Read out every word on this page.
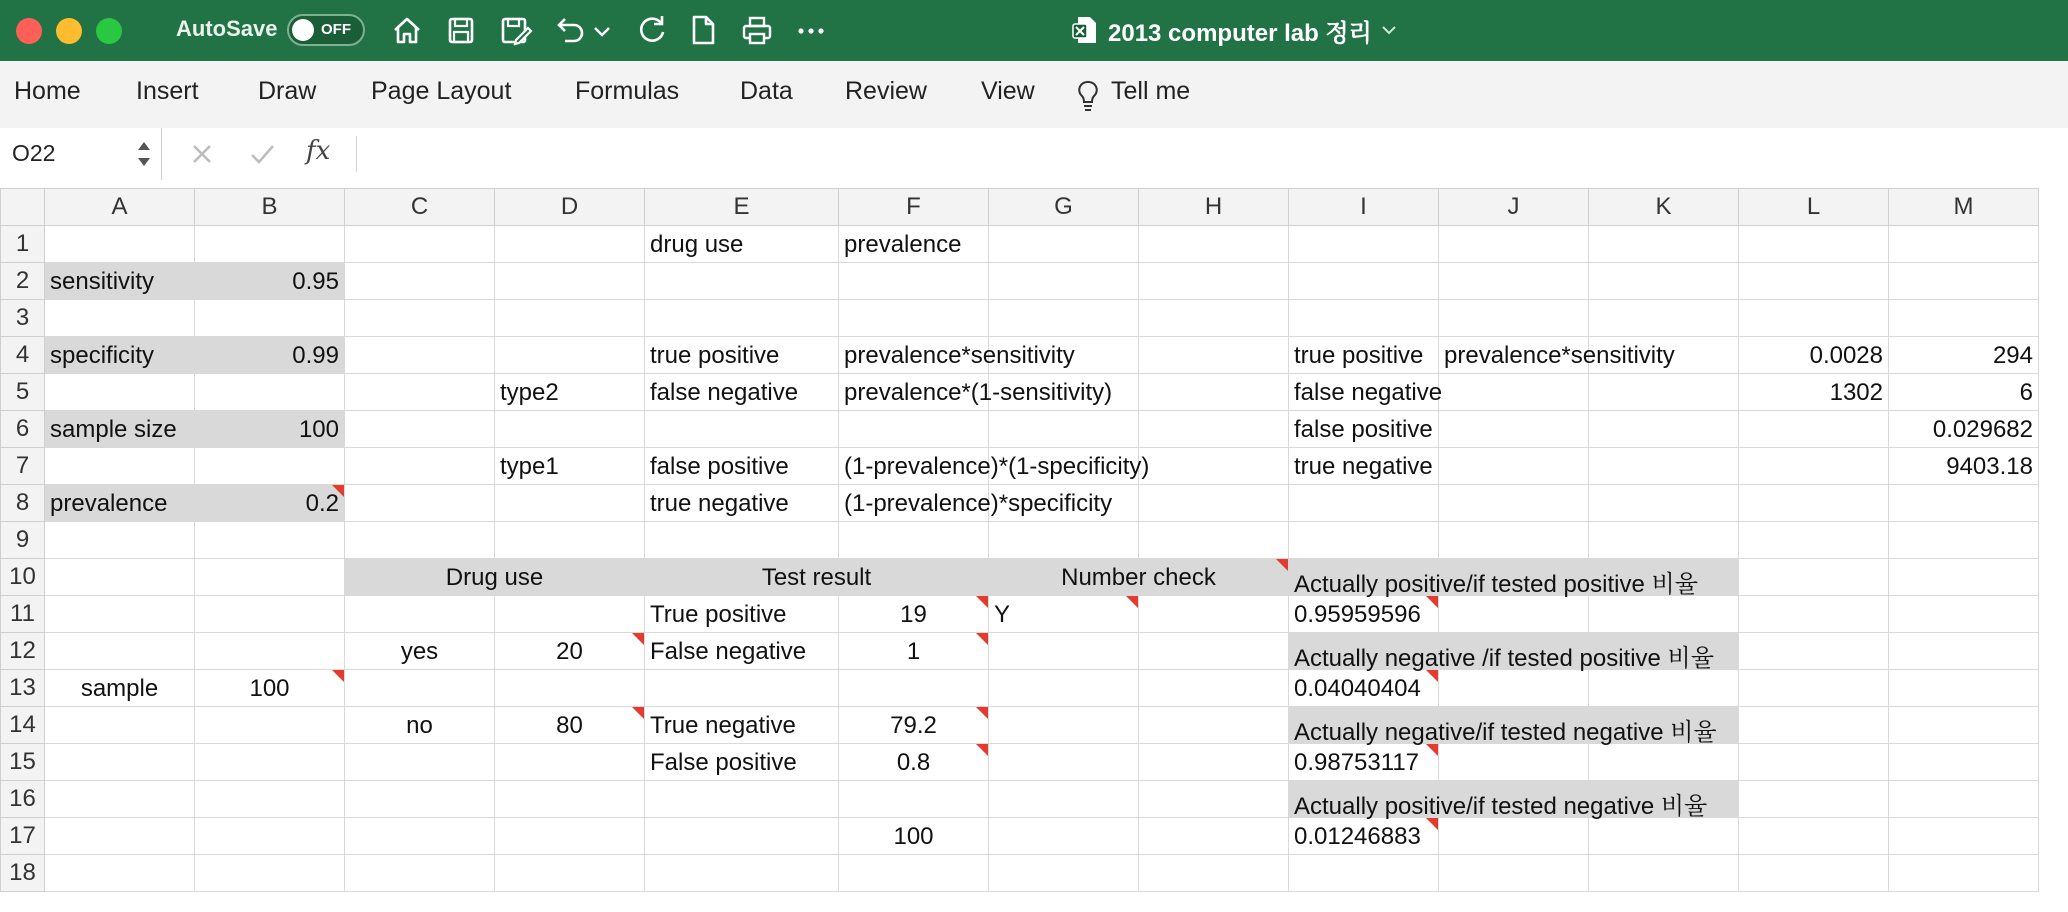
AutoSave	OFF	2013 computer lab 정리
Home Insert Draw Page Layout	Formulas Data Review View	Tell me
O22	fx
	A	B	C	D	E	F	G	H	I	J	K	L	M
1					drug use	prevalence							

2	sensitivity	0.95											

3													
4	specificity	0.99			true positive	prevalence*sensitivity			true positive	prevalence*sensitivity		0.0028	294

5				type2	false negative	prevalence*(1-sensitivity)			false negative			1302	6

6	sample size	100							false positive				0.029682

7				type1	false positive	(1-prevalence)*(1-specificity)			true negative				9403.18

8	prevalence	0.2			true negative	(1-prevalence)*specificity							

9													
10			Drug use		Test result		Number check		Actually positive/if tested positive 비율				

11					True positive	19	Y		0.95959596				

12			yes	20	False negative	1			Actually negative /if tested positive 비율				

13	sample	100							0.04040404				

14			no	80	True negative	79.2			Actually negative/if tested negative 비율				

15					False positive	0.8			0.98753117				

16									Actually positive/if tested negative 비율				

17						100			0.01246883				

18													
